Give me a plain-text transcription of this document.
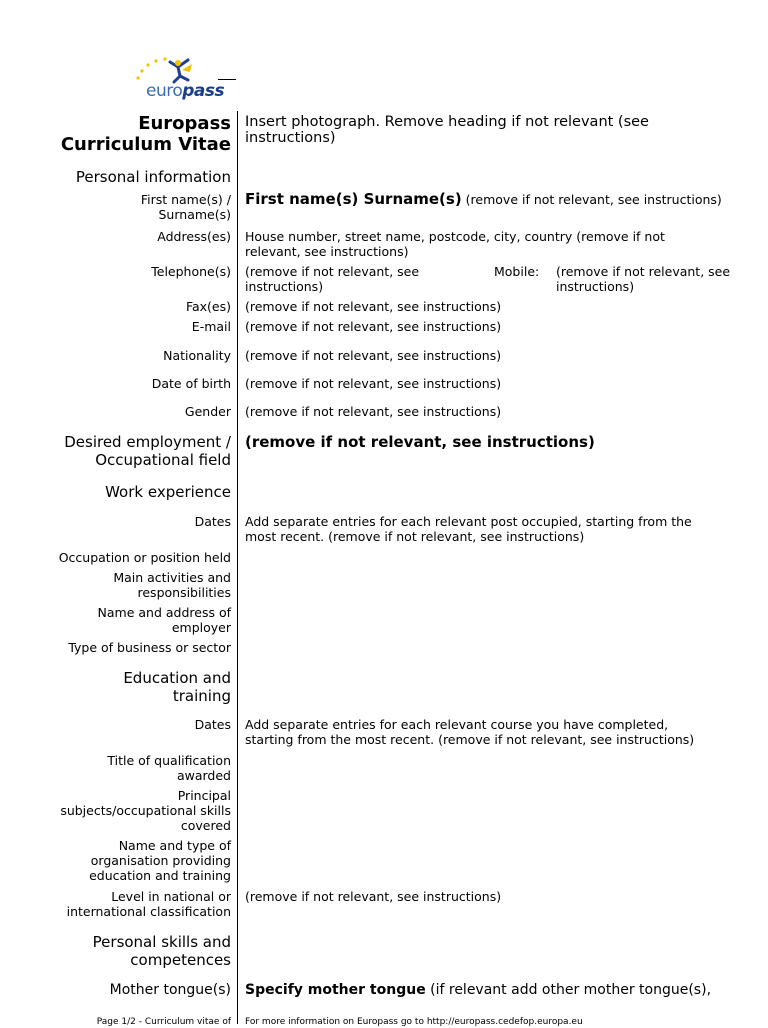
europass
Europass
Curriculum Vitae
Insert photograph. Remove heading if not relevant (see instructions)
Personal information
First name(s) / Surname(s)
First name(s) Surname(s) (remove if not relevant, see instructions)
Address(es) House number, street name, postcode, city, country (remove if not relevant, see instructions)
Telephone(s) (remove if not relevant, see instructions)
Mobile: (remove if not relevant, see instructions)
Fax(es) (remove if not relevant, see instructions)
E-mail (remove if not relevant, see instructions)
Nationality (remove if not relevant, see instructions)
Date of birth (remove if not relevant, see instructions)
Gender (remove if not relevant, see instructions)
Desired employment / Occupational field
(remove if not relevant, see instructions)
Work experience
Dates Add separate entries for each relevant post occupied, starting from the most recent. (remove if not relevant, see instructions)
Occupation or position held
Main activities and responsibilities
Name and address of employer
Type of business or sector
Education and training
Dates Add separate entries for each relevant course you have completed, starting from the most recent. (remove if not relevant, see instructions)
Title of qualification awarded
Principal subjects/occupational skills covered
Name and type of organisation providing education and training
Level in national or international classification
(remove if not relevant, see instructions)
Personal skills and competences
Mother tongue(s) Specify mother tongue (if relevant add other mother tongue(s),
Page 1/2 - Curriculum vitae of For more information on Europass go to http://europass.cedefop.europa.eu
